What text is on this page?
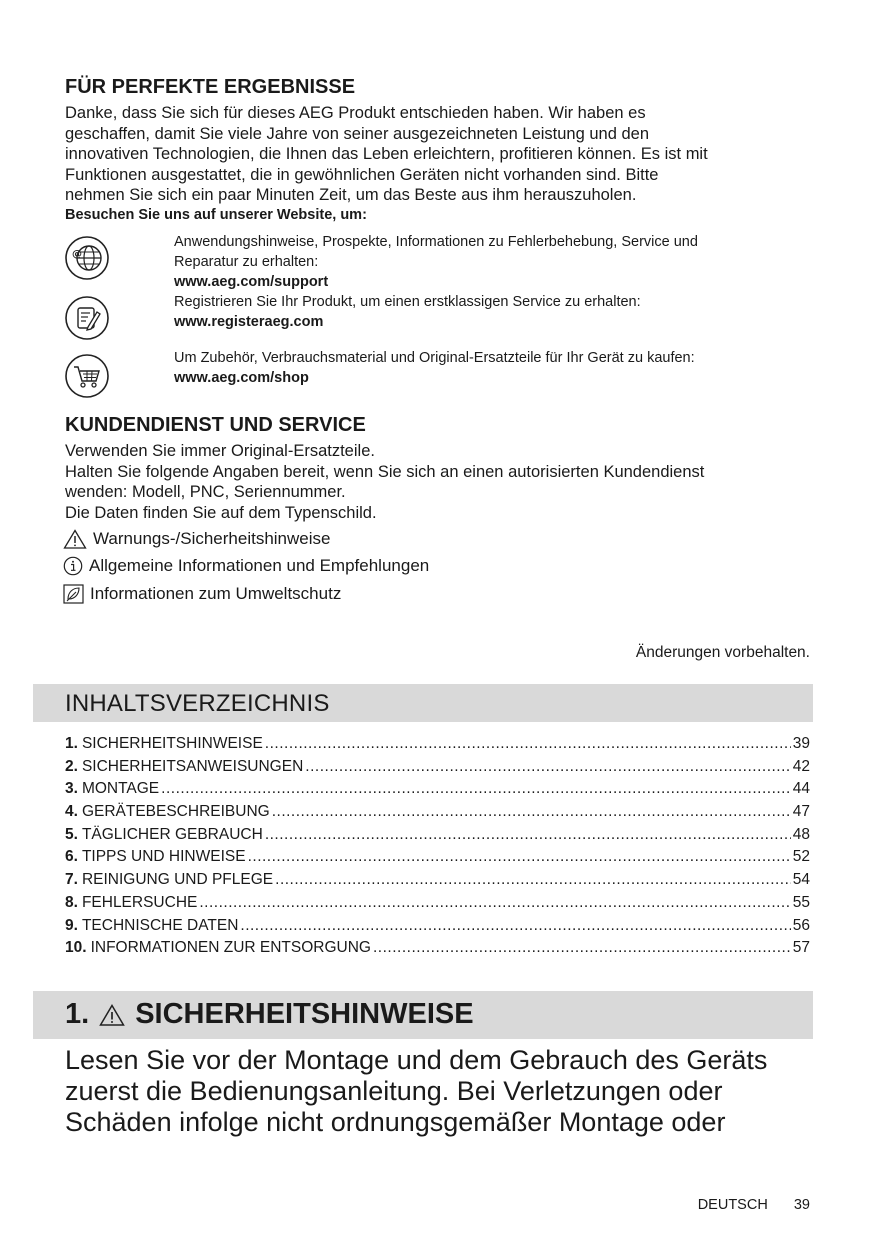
FÜR PERFEKTE ERGEBNISSE
Danke, dass Sie sich für dieses AEG Produkt entschieden haben. Wir haben es
geschaffen, damit Sie viele Jahre von seiner ausgezeichneten Leistung und den
innovativen Technologien, die Ihnen das Leben erleichtern, profitieren können. Es ist mit
Funktionen ausgestattet, die in gewöhnlichen Geräten nicht vorhanden sind. Bitte
nehmen Sie sich ein paar Minuten Zeit, um das Beste aus ihm herauszuholen.
Besuchen Sie uns auf unserer Website, um:
@
Anwendungshinweise, Prospekte, Informationen zu Fehlerbehebung, Service und
Reparatur zu erhalten:
www.aeg.com/support
Registrieren Sie Ihr Produkt, um einen erstklassigen Service zu erhalten:
www.registeraeg.com
Um Zubehör, Verbrauchsmaterial und Original-Ersatzteile für Ihr Gerät zu kaufen:
www.aeg.com/shop
KUNDENDIENST UND SERVICE
Verwenden Sie immer Original-Ersatzteile.
Halten Sie folgende Angaben bereit, wenn Sie sich an einen autorisierten Kundendienst
wenden: Modell, PNC, Seriennummer.
Die Daten finden Sie auf dem Typenschild.
Warnungs-/Sicherheitshinweise
Allgemeine Informationen und Empfehlungen
Informationen zum Umweltschutz
Änderungen vorbehalten.
INHALTSVERZEICHNIS
1. SICHERHEITSHINWEISE .....	39
2. SICHERHEITSANWEISUNGEN .....	42
3. MONTAGE .....	44
4. GERÄTEBESCHREIBUNG .....	47
5. TÄGLICHER GEBRAUCH .....	48
6. TIPPS UND HINWEISE .....	52
7. REINIGUNG UND PFLEGE .....	54
8. FEHLERSUCHE .....	55
9. TECHNISCHE DATEN .....	56
10. INFORMATIONEN ZUR ENTSORGUNG .....	57
1. SICHERHEITSHINWEISE
Lesen Sie vor der Montage und dem Gebrauch des Geräts
zuerst die Bedienungsanleitung. Bei Verletzungen oder
Schäden infolge nicht ordnungsgemäßer Montage oder
DEUTSCH 39
